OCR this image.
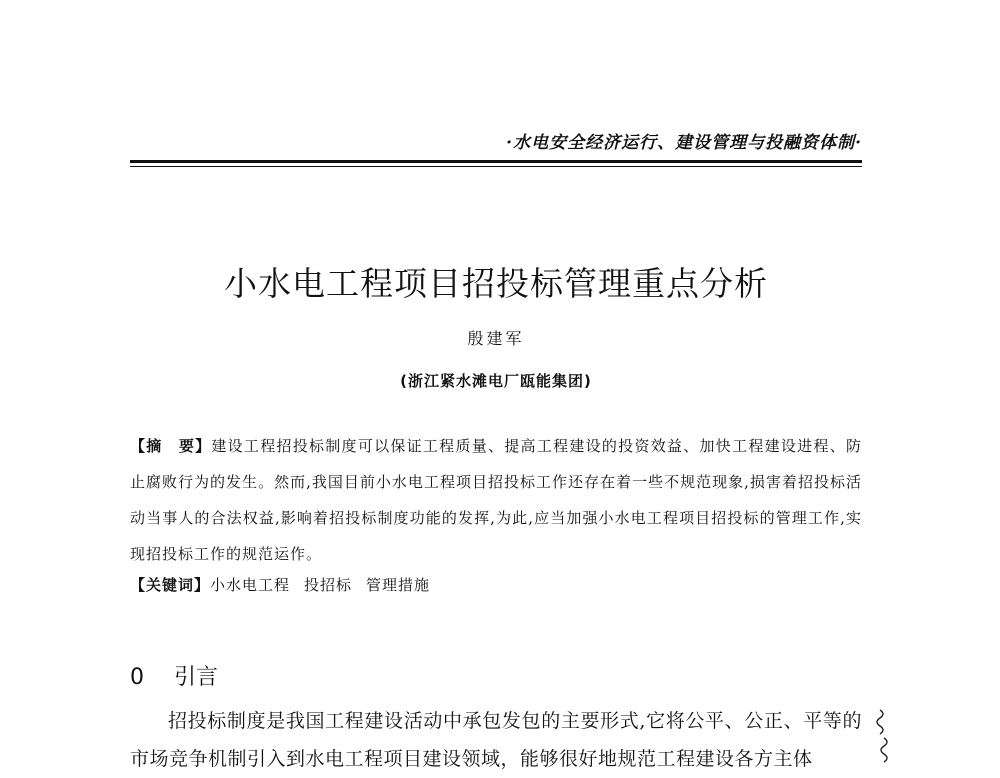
·水电安全经济运行、建设管理与投融资体制·
小水电工程项目招投标管理重点分析
殷建军
(浙江紧水滩电厂瓯能集团)
【摘　要】建设工程招投标制度可以保证工程质量、提高工程建设的投资效益、加快工程建设进程、防止腐败行为的发生。然而,我国目前小水电工程项目招投标工作还存在着一些不规范现象,损害着招投标活动当事人的合法权益,影响着招投标制度功能的发挥,为此,应当加强小水电工程项目招投标的管理工作,实现招投标工作的规范运作。
【关键词】小水电工程 投招标 管理措施
0 引言
招投标制度是我国工程建设活动中承包发包的主要形式,它将公平、公正、平等的市场竞争机制引入到水电工程项目建设领域，能够很好地规范工程建设各方主体
